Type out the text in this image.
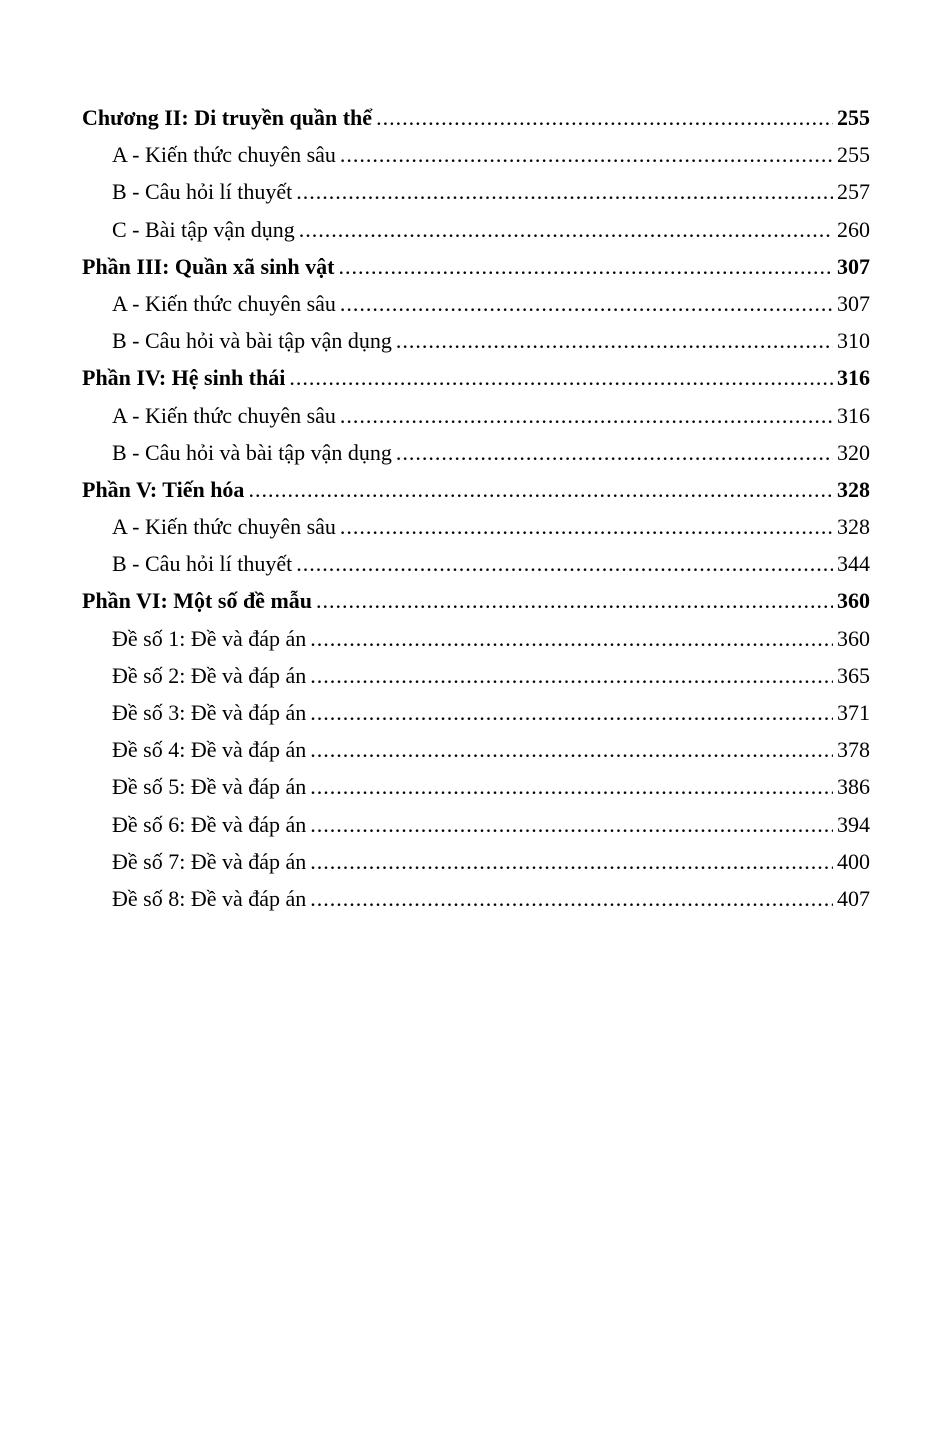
Chương II: Di truyền quần thể .....	255
A - Kiến thức chuyên sâu .....	255
B - Câu hỏi lí thuyết .....	257
C - Bài tập vận dụng .....	260
Phần III: Quần xã sinh vật .....	307
A - Kiến thức chuyên sâu .....	307
B - Câu hỏi và bài tập vận dụng .....	310
Phần IV: Hệ sinh thái .....	316
A - Kiến thức chuyên sâu .....	316
B - Câu hỏi và bài tập vận dụng .....	320
Phần V: Tiến hóa .....	328
A - Kiến thức chuyên sâu .....	328
B - Câu hỏi lí thuyết .....	344
Phần VI: Một số đề mẫu .....	360
Đề số 1: Đề và đáp án .....	360
Đề số 2: Đề và đáp án .....	365
Đề số 3: Đề và đáp án .....	371
Đề số 4: Đề và đáp án .....	378
Đề số 5: Đề và đáp án .....	386
Đề số 6: Đề và đáp án .....	394
Đề số 7: Đề và đáp án .....	400
Đề số 8: Đề và đáp án .....	407
